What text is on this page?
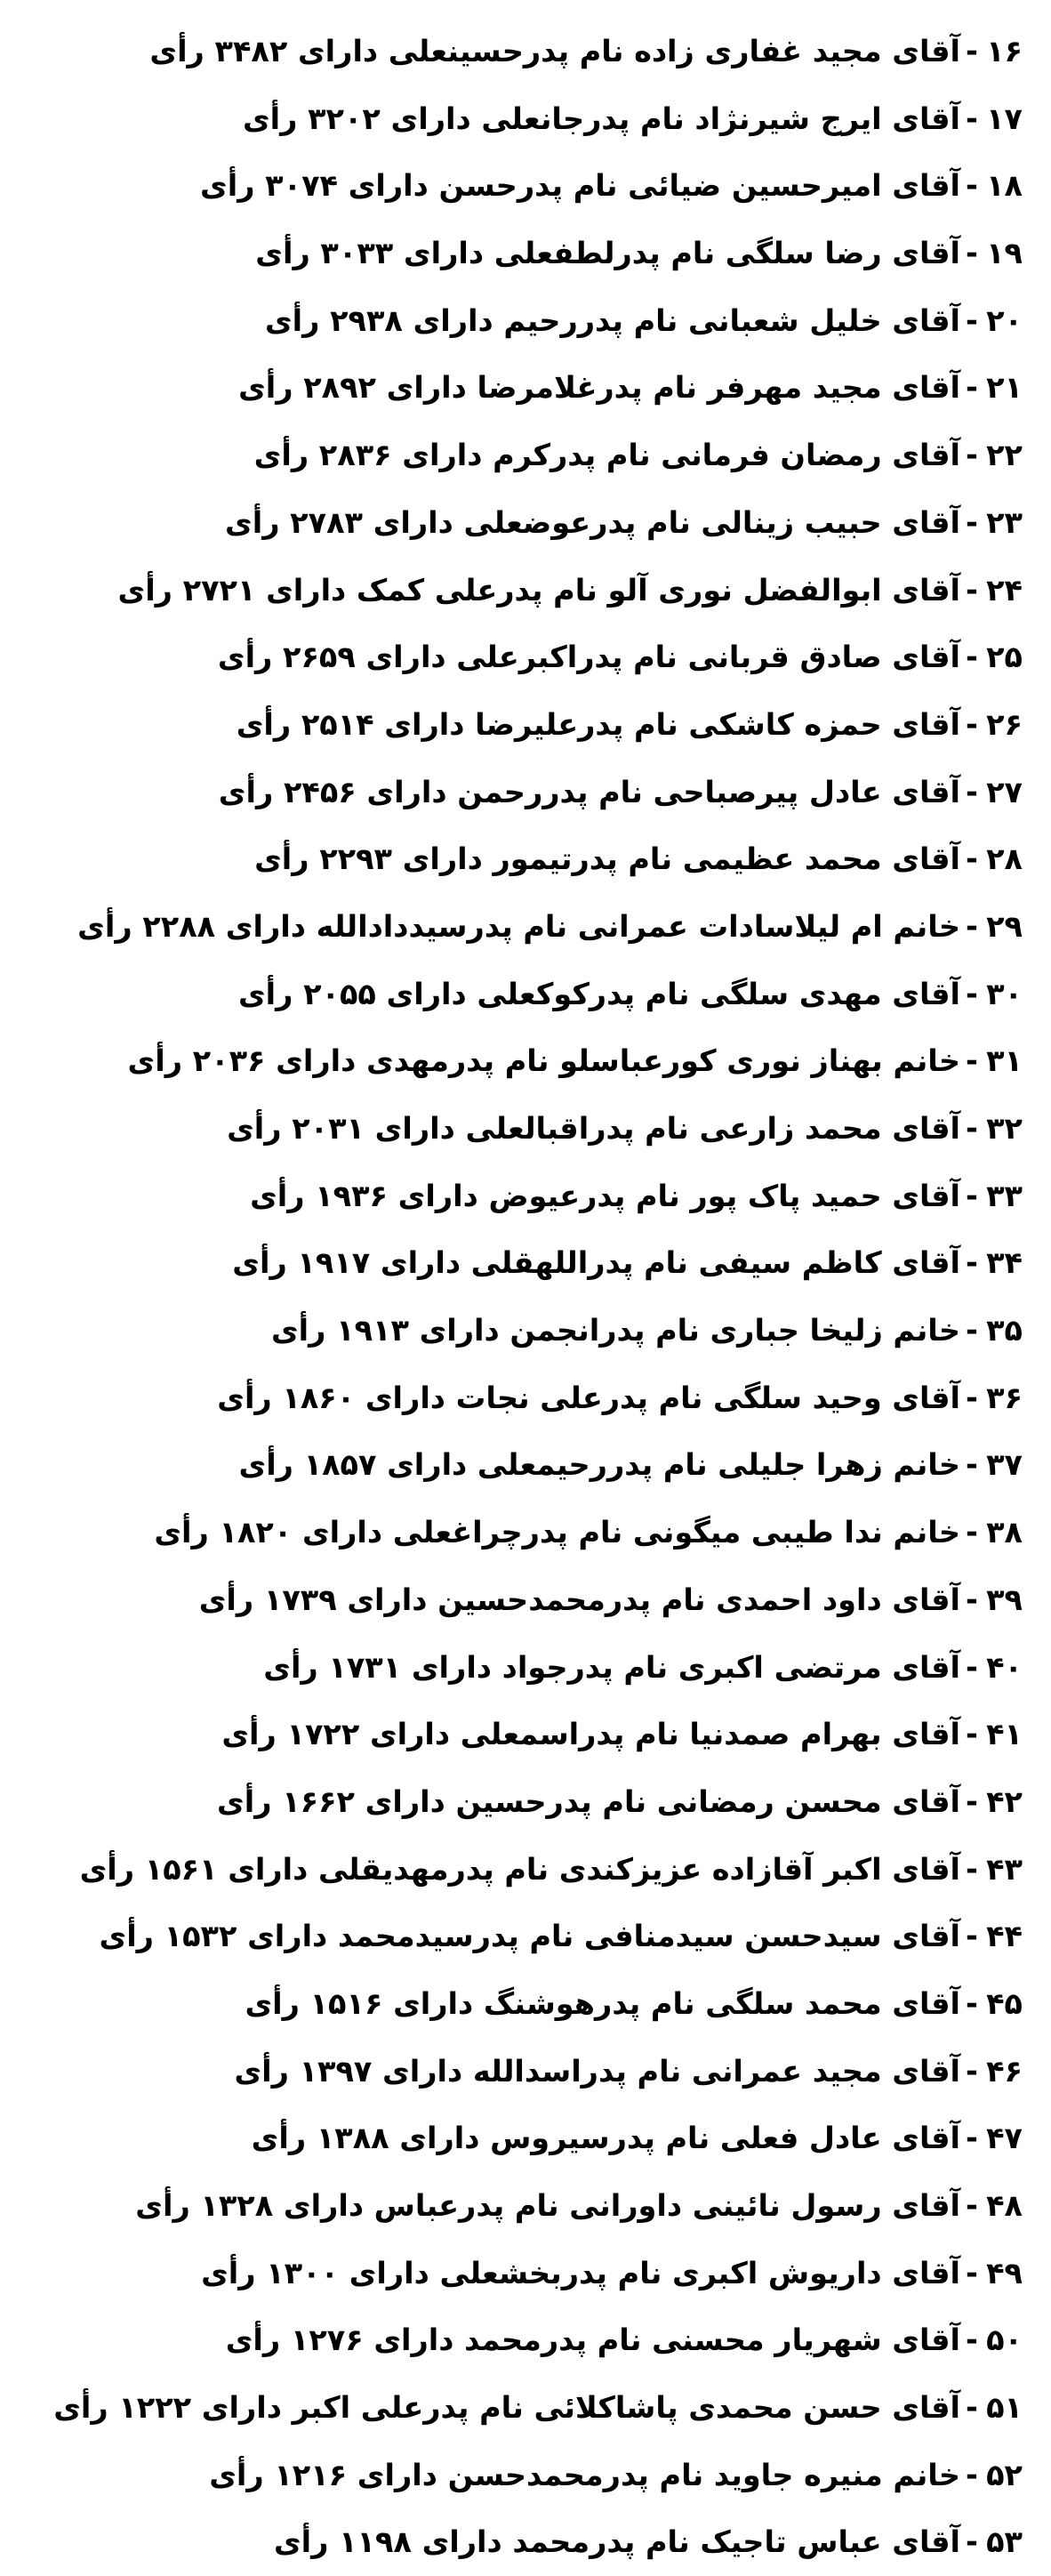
۱۶-آقای مجید غفاری زاده نام پدرحسینعلی دارای ۳۴۸۲ رأی
۱۷-آقای ایرج شیرنژاد نام پدرجانعلی دارای ۳۲۰۲ رأی
۱۸-آقای امیرحسین ضیائی نام پدرحسن دارای ۳۰۷۴ رأی
۱۹-آقای رضا سلگی نام پدرلطفعلی دارای ۳۰۳۳ رأی
۲۰-آقای خلیل شعبانی نام پدررحیم دارای ۲۹۳۸ رأی
۲۱-آقای مجید مهرفر نام پدرغلامرضا دارای ۲۸۹۲ رأی
۲۲-آقای رمضان فرمانی نام پدرکرم دارای ۲۸۳۶ رأی
۲۳-آقای حبیب زینالی نام پدرعوضعلی دارای ۲۷۸۳ رأی
۲۴-آقای ابوالفضل نوری آلو نام پدرعلی کمک دارای ۲۷۲۱ رأی
۲۵-آقای صادق قربانی نام پدراکبرعلی دارای ۲۶۵۹ رأی
۲۶-آقای حمزه کاشکی نام پدرعلیرضا دارای ۲۵۱۴ رأی
۲۷-آقای عادل پیرصباحی نام پدررحمن دارای ۲۴۵۶ رأی
۲۸-آقای محمد عظیمی نام پدرتیمور دارای ۲۲۹۳ رأی
۲۹-خانم ام لیلاسادات عمرانی نام پدرسیددادالله دارای ۲۲۸۸ رأی
۳۰-آقای مهدی سلگی نام پدرکوکعلی دارای ۲۰۵۵ رأی
۳۱-خانم بهناز نوری کورعباسلو نام پدرمهدی دارای ۲۰۳۶ رأی
۳۲-آقای محمد زارعی نام پدراقبالعلی دارای ۲۰۳۱ رأی
۳۳-آقای حمید پاک پور نام پدرعیوض دارای ۱۹۳۶ رأی
۳۴-آقای کاظم سیفی نام پدراللهقلی دارای ۱۹۱۷ رأی
۳۵-خانم زلیخا جباری نام پدرانجمن دارای ۱۹۱۳ رأی
۳۶-آقای وحید سلگی نام پدرعلی نجات دارای ۱۸۶۰ رأی
۳۷-خانم زهرا جلیلی نام پدررحیمعلی دارای ۱۸۵۷ رأی
۳۸-خانم ندا طیبی میگونی نام پدرچراغعلی دارای ۱۸۲۰ رأی
۳۹-آقای داود احمدی نام پدرمحمدحسین دارای ۱۷۳۹ رأی
۴۰-آقای مرتضی اکبری نام پدرجواد دارای ۱۷۳۱ رأی
۴۱-آقای بهرام صمدنیا نام پدراسمعلی دارای ۱۷۲۲ رأی
۴۲-آقای محسن رمضانی نام پدرحسین دارای ۱۶۶۲ رأی
۴۳-آقای اکبر آقازاده عزیزکندی نام پدرمهدیقلی دارای ۱۵۶۱ رأی
۴۴-آقای سیدحسن سیدمنافی نام پدرسیدمحمد دارای ۱۵۳۲ رأی
۴۵-آقای محمد سلگی نام پدرهوشنگ دارای ۱۵۱۶ رأی
۴۶-آقای مجید عمرانی نام پدراسدالله دارای ۱۳۹۷ رأی
۴۷-آقای عادل فعلی نام پدرسیروس دارای ۱۳۸۸ رأی
۴۸-آقای رسول نائینی داورانی نام پدرعباس دارای ۱۳۲۸ رأی
۴۹-آقای داریوش اکبری نام پدربخشعلی دارای ۱۳۰۰ رأی
۵۰-آقای شهریار محسنی نام پدرمحمد دارای ۱۲۷۶ رأی
۵۱-آقای حسن محمدی پاشاکلائی نام پدرعلی اکبر دارای ۱۲۲۲ رأی
۵۲-خانم منیره جاوید نام پدرمحمدحسن دارای ۱۲۱۶ رأی
۵۳-آقای عباس تاجیک نام پدرمحمد دارای ۱۱۹۸ رأی
